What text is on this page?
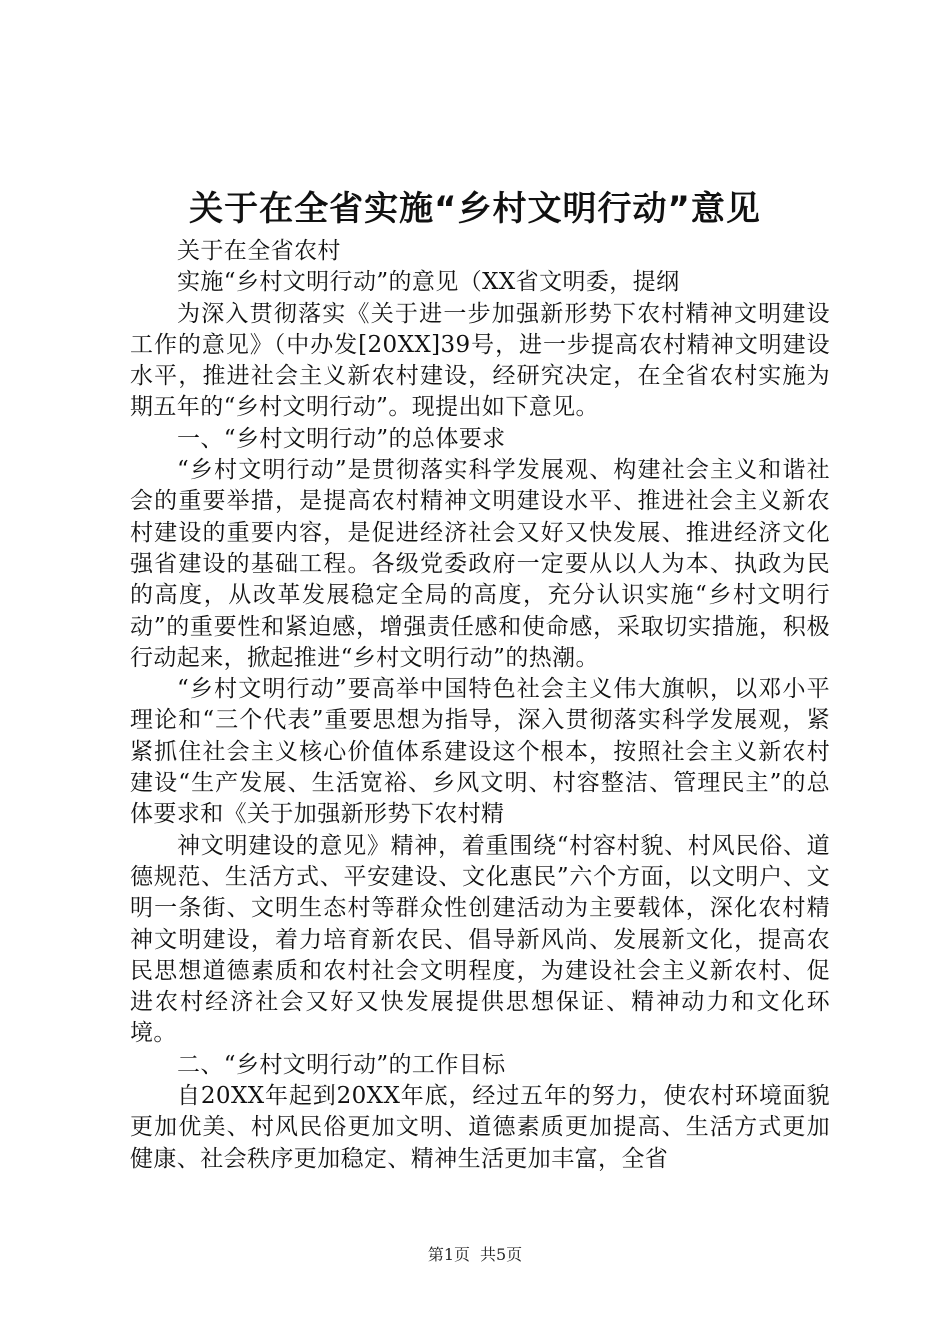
关于在全省实施“乡村文明行动”意见

关于在全省农村

实施“乡村文明行动”的意见（XX省文明委，提纲

为深入贯彻落实《关于进一步加强新形势下农村精神文明建设工作的意见》（中办发[20XX]39号，进一步提高农村精神文明建设水平，推进社会主义新农村建设，经研究决定，在全省农村实施为期五年的“乡村文明行动”。现提出如下意见。

一、“乡村文明行动”的总体要求

“乡村文明行动”是贯彻落实科学发展观、构建社会主义和谐社会的重要举措，是提高农村精神文明建设水平、推进社会主义新农村建设的重要内容，是促进经济社会又好又快发展、推进经济文化强省建设的基础工程。各级党委政府一定要从以人为本、执政为民的高度，从改革发展稳定全局的高度，充分认识实施“乡村文明行动”的重要性和紧迫感，增强责任感和使命感，采取切实措施，积极行动起来，掀起推进“乡村文明行动”的热潮。

“乡村文明行动”要高举中国特色社会主义伟大旗帜，以邓小平理论和“三个代表”重要思想为指导，深入贯彻落实科学发展观，紧紧抓住社会主义核心价值体系建设这个根本，按照社会主义新农村建设“生产发展、生活宽裕、乡风文明、村容整洁、管理民主”的总体要求和《关于加强新形势下农村精

神文明建设的意见》精神，着重围绕“村容村貌、村风民俗、道德规范、生活方式、平安建设、文化惠民”六个方面，以文明户、文明一条街、文明生态村等群众性创建活动为主要载体，深化农村精神文明建设，着力培育新农民、倡导新风尚、发展新文化，提高农民思想道德素质和农村社会文明程度，为建设社会主义新农村、促进农村经济社会又好又快发展提供思想保证、精神动力和文化环境。

二、“乡村文明行动”的工作目标

自20XX年起到20XX年底，经过五年的努力，使农村环境面貌更加优美、村风民俗更加文明、道德素质更加提高、生活方式更加健康、社会秩序更加稳定、精神生活更加丰富，全省

第1页 共5页
